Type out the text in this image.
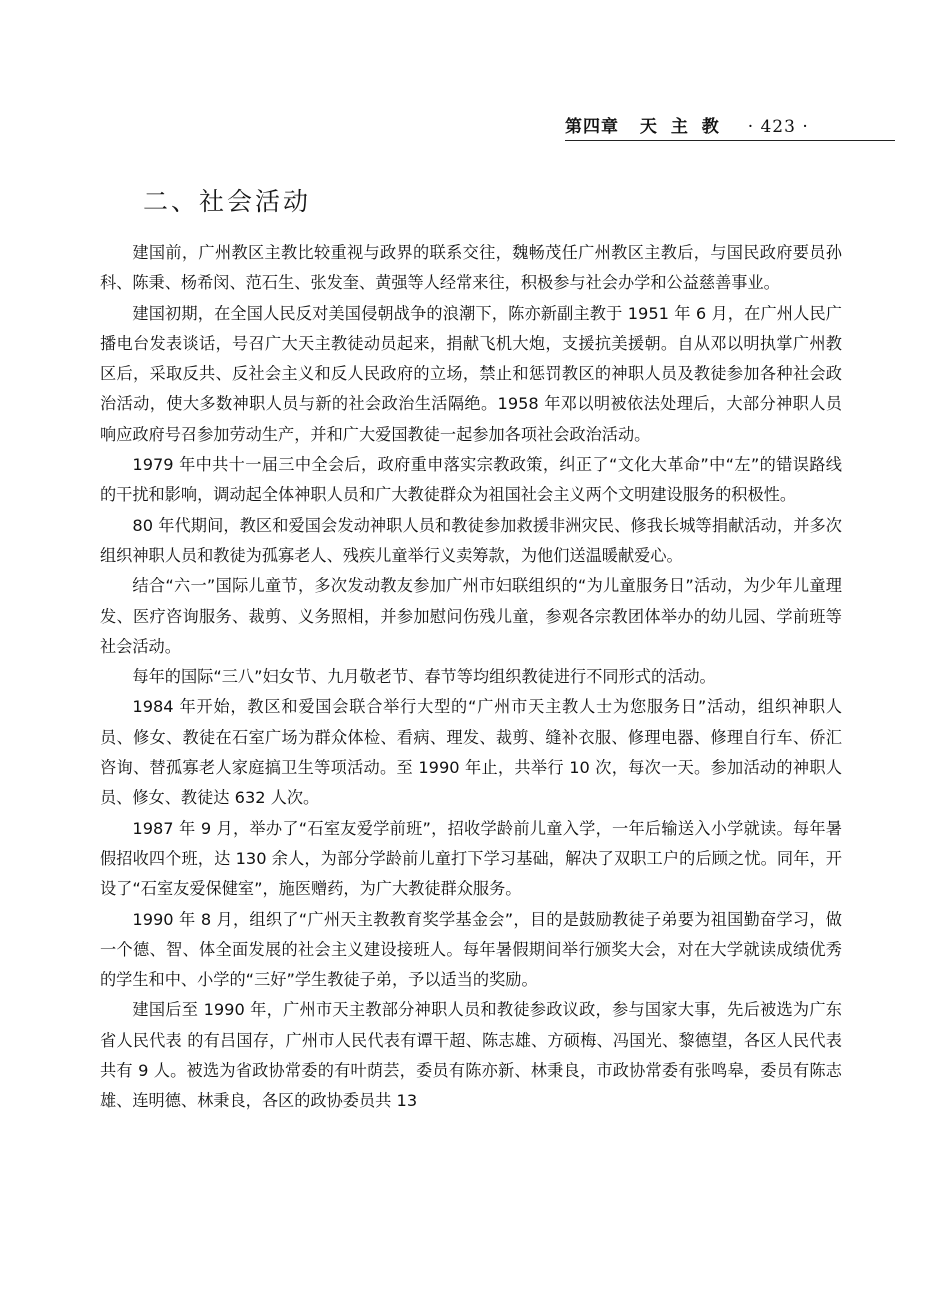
第四章 天 主 教 · 423 ·
二、社会活动

建国前，广州教区主教比较重视与政界的联系交往，魏畅茂任广州教区主教后，与国民政府要员孙科、陈秉、杨希闵、范石生、张发奎、黄强等人经常来往，积极参与社会办学和公益慈善事业。

建国初期，在全国人民反对美国侵朝战争的浪潮下，陈亦新副主教于 1951 年 6 月，在广州人民广播电台发表谈话，号召广大天主教徒动员起来，捐献飞机大炮，支援抗美援朝。自从邓以明执掌广州教区后，采取反共、反社会主义和反人民政府的立场，禁止和惩罚教区的神职人员及教徒参加各种社会政治活动，使大多数神职人员与新的社会政治生活隔绝。1958 年邓以明被依法处理后，大部分神职人员响应政府号召参加劳动生产，并和广大爱国教徒一起参加各项社会政治活动。

1979 年中共十一届三中全会后，政府重申落实宗教政策，纠正了“文化大革命”中“左”的错误路线的干扰和影响，调动起全体神职人员和广大教徒群众为祖国社会主义两个文明建设服务的积极性。

80 年代期间，教区和爱国会发动神职人员和教徒参加救援非洲灾民、修我长城等捐献活动，并多次组织神职人员和教徒为孤寡老人、残疾儿童举行义卖筹款，为他们送温暖献爱心。

结合“六一”国际儿童节，多次发动教友参加广州市妇联组织的“为儿童服务日”活动，为少年儿童理发、医疗咨询服务、裁剪、义务照相，并参加慰问伤残儿童，参观各宗教团体举办的幼儿园、学前班等社会活动。

每年的国际“三八”妇女节、九月敬老节、春节等均组织教徒进行不同形式的活动。

1984 年开始，教区和爱国会联合举行大型的“广州市天主教人士为您服务日”活动，组织神职人员、修女、教徒在石室广场为群众体检、看病、理发、裁剪、缝补衣服、修理电器、修理自行车、侨汇咨询、替孤寡老人家庭搞卫生等项活动。至 1990 年止，共举行 10 次，每次一天。参加活动的神职人员、修女、教徒达 632 人次。

1987 年 9 月，举办了“石室友爱学前班”，招收学龄前儿童入学，一年后输送入小学就读。每年暑假招收四个班，达 130 余人，为部分学龄前儿童打下学习基础，解决了双职工户的后顾之忧。同年，开设了“石室友爱保健室”，施医赠药，为广大教徒群众服务。

1990 年 8 月，组织了“广州天主教教育奖学基金会”，目的是鼓励教徒子弟要为祖国勤奋学习，做一个德、智、体全面发展的社会主义建设接班人。每年暑假期间举行颁奖大会，对在大学就读成绩优秀的学生和中、小学的“三好”学生教徒子弟，予以适当的奖励。

建国后至 1990 年，广州市天主教部分神职人员和教徒参政议政，参与国家大事，先后被选为广东省人民代表 的有吕国存，广州市人民代表有谭干超、陈志雄、方硕梅、冯国光、黎德望，各区人民代表共有 9 人。被选为省政协常委的有叶荫芸，委员有陈亦新、林秉良，市政协常委有张鸣皋，委员有陈志雄、连明德、林秉良，各区的政协委员共 13
